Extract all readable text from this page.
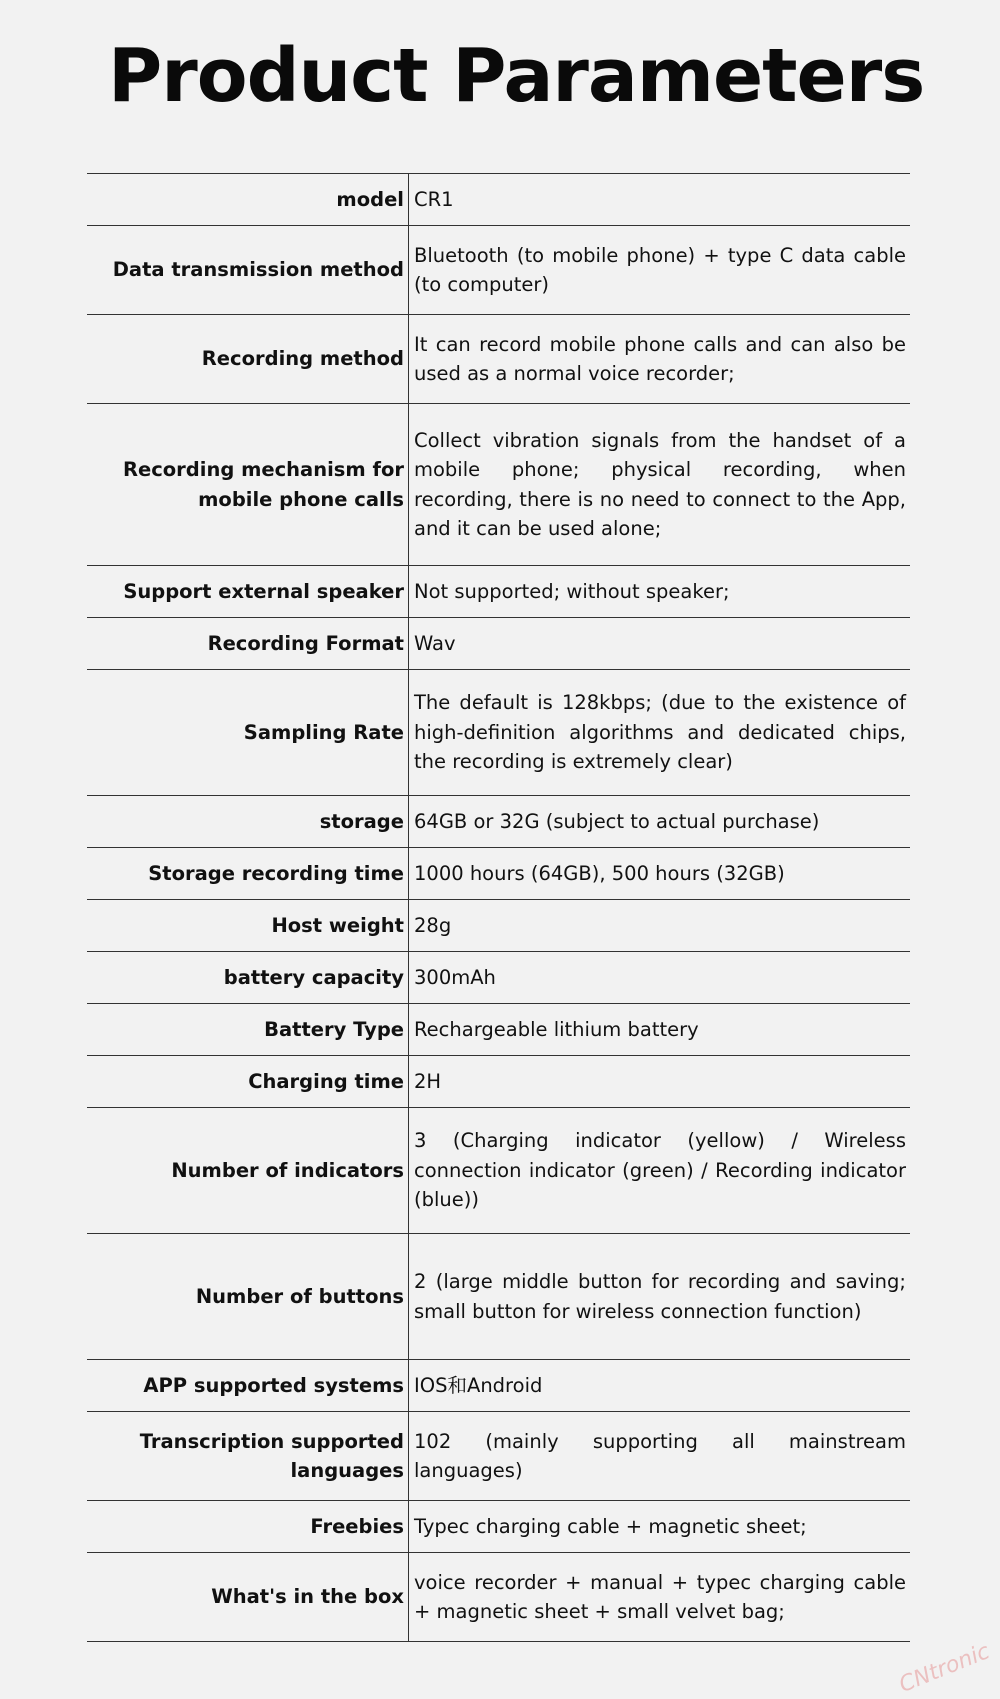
Product Parameters
model	CR1
Data transmission method	Bluetooth (to mobile phone) + type C data cable (to computer)
Recording method	It can record mobile phone calls and can also be used as a normal voice recorder;
Recording mechanism for mobile phone calls	Collect vibration signals from the handset of a mobile phone; physical recording, when recording, there is no need to connect to the App, and it can be used alone;
Support external speaker	Not supported; without speaker;
Recording Format	Wav
Sampling Rate	The default is 128kbps; (due to the existence of high-definition algorithms and dedicated chips, the recording is extremely clear)
storage	64GB or 32G (subject to actual purchase)
Storage recording time	1000 hours (64GB), 500 hours (32GB)
Host weight	28g
battery capacity	300mAh
Battery Type	Rechargeable lithium battery
Charging time	2H
Number of indicators	3 (Charging indicator (yellow) / Wireless connection indicator (green) / Recording indicator (blue))
Number of buttons	2 (large middle button for recording and saving; small button for wireless connection function)
APP supported systems	IOS和Android
Transcription supported languages	102 (mainly supporting all mainstream languages)
Freebies	Typec charging cable + magnetic sheet;
What's in the box	voice recorder + manual + typec charging cable + magnetic sheet + small velvet bag;
CNtronic
